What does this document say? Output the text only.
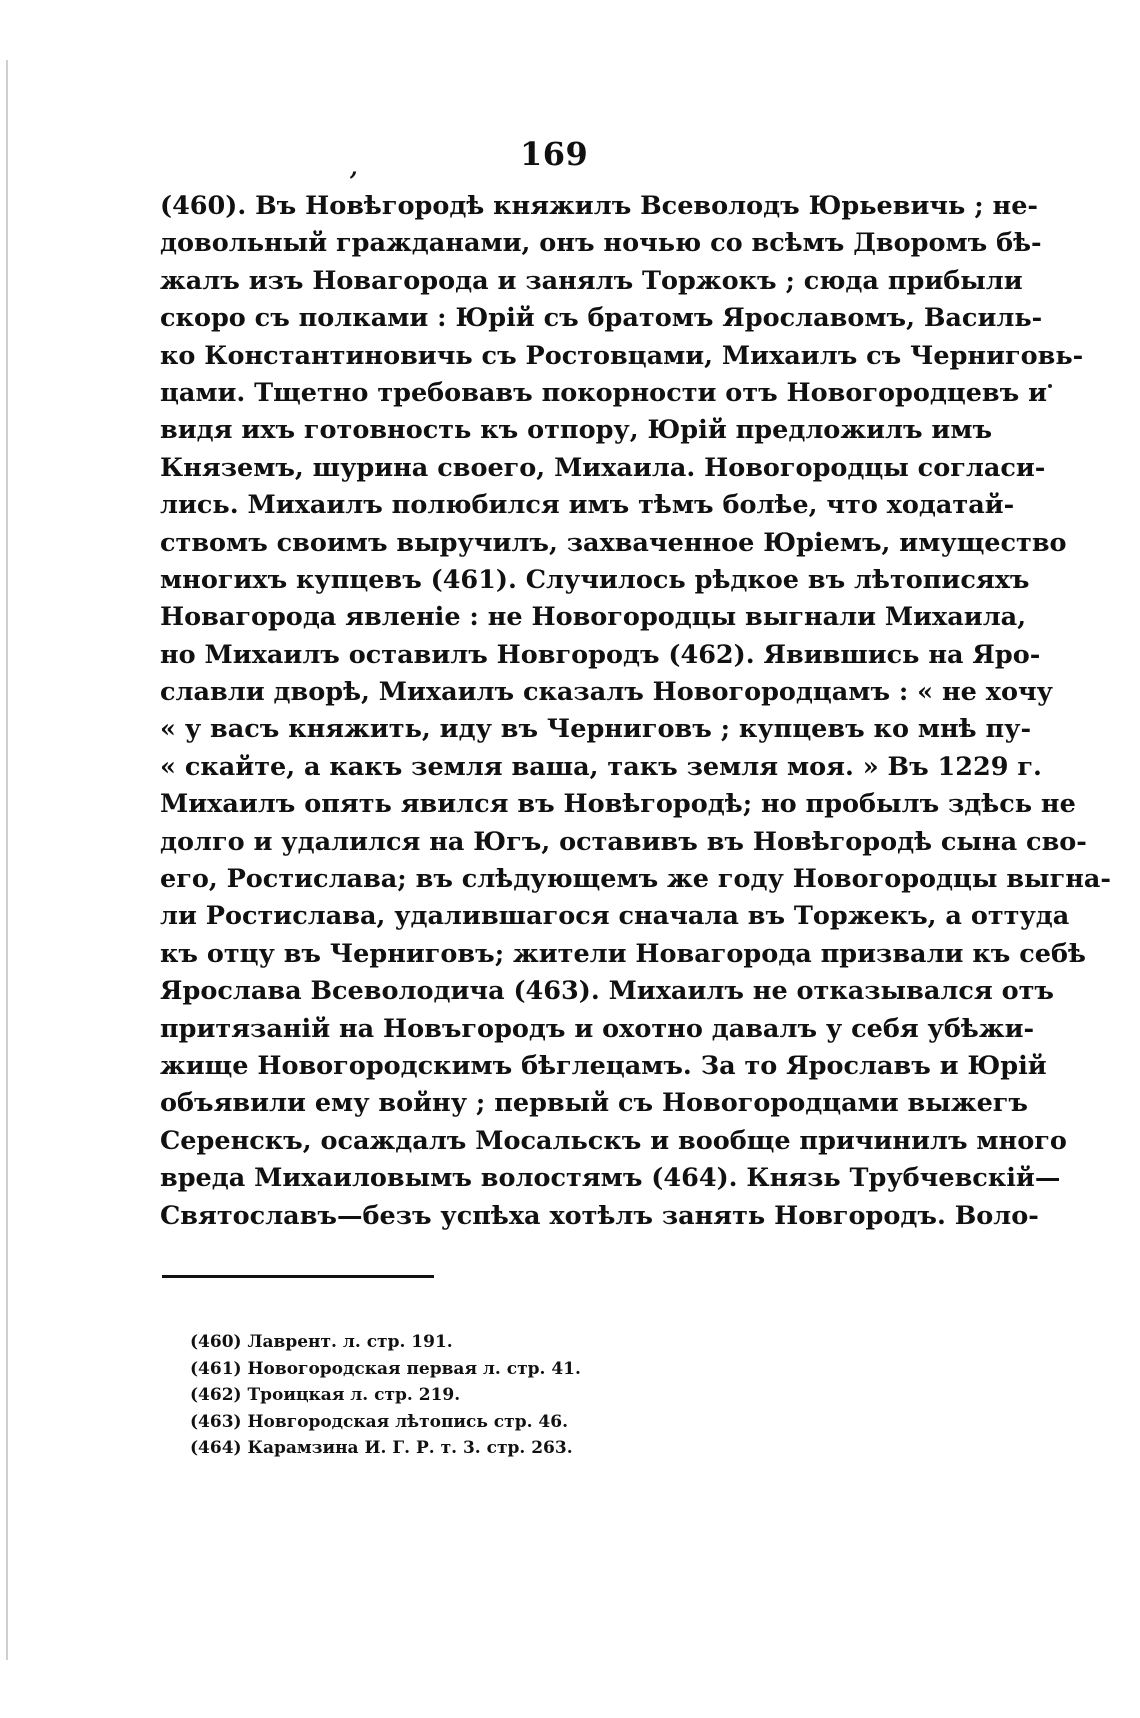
,	169
(460). Въ Новѣгородѣ княжилъ Всеволодъ Юрьевичь ; не-
довольный гражданами, онъ ночью со всѣмъ Дворомъ бѣ-
жалъ изъ Новагорода и занялъ Торжокъ ; сюда прибыли
скоро съ полками : Юрій съ братомъ Ярославомъ, Василь-
ко Константиновичь съ Ростовцами, Михаилъ съ Черниговь-
цами. Тщетно требовавъ покорности отъ Новогородцевъ и
видя ихъ готовность къ отпору, Юрій предложилъ имъ
Княземъ, шурина своего, Михаила. Новогородцы согласи-
лись. Михаилъ полюбился имъ тѣмъ болѣе, что ходатай-
ствомъ своимъ выручилъ, захваченное Юріемъ, имущество
многихъ купцевъ (461). Случилось рѣдкое въ лѣтописяхъ
Новагорода явленіе : не Новогородцы выгнали Михаила,
но Михаилъ оставилъ Новгородъ (462). Явившись на Яро-
славли дворѣ, Михаилъ сказалъ Новогородцамъ : « не хочу
« у васъ княжить, иду въ Черниговъ ; купцевъ ко мнѣ пу-
« скайте, а какъ земля ваша, такъ земля моя. » Въ 1229 г.
Михаилъ опять явился въ Новѣгородѣ; но пробылъ здѣсь не
долго и удалился на Югъ, оставивъ въ Новѣгородѣ сына сво-
его, Ростислава; въ слѣдующемъ же году Новогородцы выгна-
ли Ростислава, удалившагося сначала въ Торжекъ, а оттуда
къ отцу въ Черниговъ; жители Новагорода призвали къ себѣ
Ярослава Всеволодича (463). Михаилъ не отказывался отъ
притязаній на Новъгородъ и охотно давалъ у себя убѣжи-
жище Новогородскимъ бѣглецамъ. За то Ярославъ и Юрій
объявили ему войну ; первый съ Новогородцами выжегъ
Серенскъ, осаждалъ Мосальскъ и вообще причинилъ много
вреда Михаиловымъ волостямъ (464). Князь Трубчевскій—
Святославъ—безъ успѣха хотѣлъ занять Новгородъ. Воло-
(460) Лаврент. л. стр. 191.
(461) Новогородская первая л. стр. 41.
(462) Троицкая л. стр. 219.
(463) Новгородская лѣтопись стр. 46.
(464) Карамзина И. Г. Р. т. 3. стр. 263.
